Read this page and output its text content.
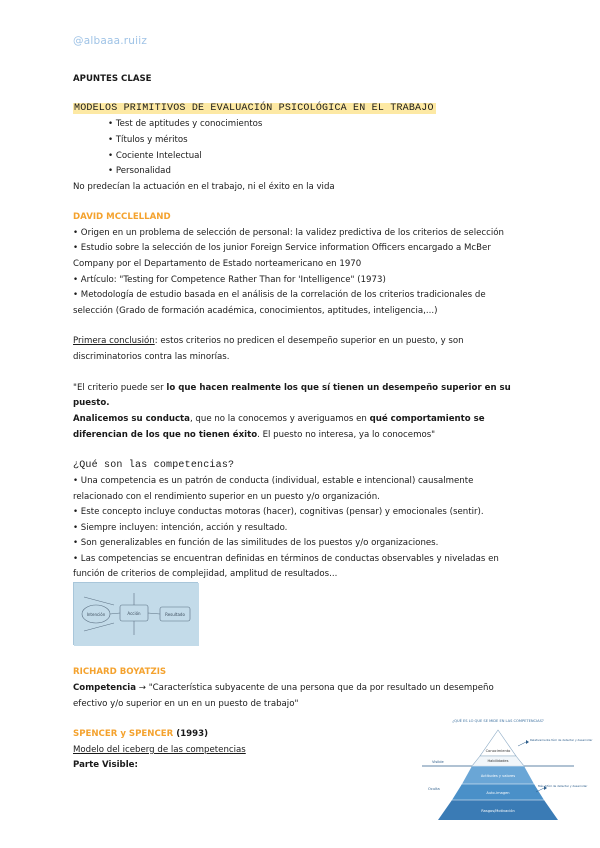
@albaaa.ruiiz
APUNTES CLASE
MODELOS PRIMITIVOS DE EVALUACIÓN PSICOLÓGICA EN EL TRABAJO
• Test de aptitudes y conocimientos
• Títulos y méritos
• Cociente Intelectual
• Personalidad
No predecían la actuación en el trabajo, ni el éxito en la vida
DAVID MCCLELLAND
• Origen en un problema de selección de personal: la validez predictiva de los criterios de selección
• Estudio sobre la selección de los junior Foreign Service information Officers encargado a McBer
Company por el Departamento de Estado norteamericano en 1970
• Artículo: "Testing for Competence Rather Than for 'Intelligence" (1973)
• Metodología de estudio basada en el análisis de la correlación de los criterios tradicionales de
selección (Grado de formación académica, conocimientos, aptitudes, inteligencia,...)
Primera conclusión: estos criterios no predicen el desempeño superior en un puesto, y son
discriminatorios contra las minorías.
"El criterio puede ser lo que hacen realmente los que sí tienen un desempeño superior en su
puesto.
Analicemos su conducta, que no la conocemos y averiguamos en qué comportamiento se
diferencian de los que no tienen éxito. El puesto no interesa, ya lo conocemos"
¿Qué son las competencias?
• Una competencia es un patrón de conducta (individual, estable e intencional) causalmente
relacionado con el rendimiento superior en un puesto y/o organización.
• Este concepto incluye conductas motoras (hacer), cognitivas (pensar) y emocionales (sentir).
• Siempre incluyen: intención, acción y resultado.
• Son generalizables en función de las similitudes de los puestos y/o organizaciones.
• Las competencias se encuentran definidas en términos de conductas observables y niveladas en
función de criterios de complejidad, amplitud de resultados...
Intención	Acción	Resultado
RICHARD BOYATZIS
Competencia → "Característica subyacente de una persona que da por resultado un desempeño
efectivo y/o superior en un en un puesto de trabajo"
SPENCER y SPENCER (1993)
Modelo del iceberg de las competencias
Parte Visible:
¿QUÉ ES LO QUE SE MIDE EN LAS COMPETENCIAS?
Conocimiento
Habilidades
Actitudes y valores
Auto-imagen
Rasgos/Motivación
Visible
Oculta
Relativamente fácil de detectar y desarrollar
Más difícil de detectar y desarrollar
